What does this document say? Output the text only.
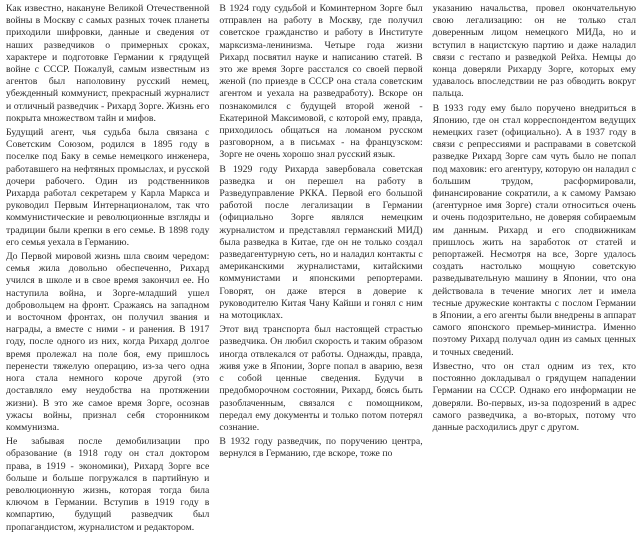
Как известно, накануне Великой Отечественной войны в Москву с самых разных точек планеты приходили шифровки, данные и сведения от наших разведчиков о примерных сроках, характере и подготовке Германии к грядущей войне с СССР. Пожалуй, самым известным из агентов был наполовину русский немец, убежденный коммунист, прекрасный журналист и отличный разведчик - Рихард Зорге. Жизнь его покрыта множеством тайн и мифов.

Будущий агент, чья судьба была связана с Советским Союзом, родился в 1895 году в поселке под Баку в семье немецкого инженера, работавшего на нефтяных промыслах, и русской дочери рабочего. Один из родственников Рихарда работал секретарем у Карла Маркса и руководил Первым Интернационалом, так что коммунистические и революционные взгляды и традиции были крепки в его семье. В 1898 году его семья уехала в Германию.

До Первой мировой жизнь шла своим чередом: семья жила довольно обеспеченно, Рихард учился в школе и в свое время закончил ее. Но наступила война, и Зорге-младший ушел добровольцем на фронт. Сражаясь на западном и восточном фронтах, он получил звания и награды, а вместе с ними - и ранения. В 1917 году, после одного из них, когда Рихард долгое время пролежал на поле боя, ему пришлось перенести тяжелую операцию, из-за чего одна нога стала немного короче другой (это доставляло ему неудобства на протяжении жизни). В это же самое время Зорге, осознав ужасы войны, признал себя сторонником коммунизма.

Не забывая после демобилизации про образование (в 1918 году он стал доктором права, в 1919 - экономики), Рихард Зорге все больше и больше погружался в партийную и революционную жизнь, которая тогда била ключом в Германии. Вступив в 1919 году в компартию, будущий разведчик был пропагандистом, журналистом и редактором.

В 1924 году судьбой и Коминтерном Зорге был отправлен на работу в Москву, где получил советское гражданство и работу в Институте марксизма-ленинизма. Четыре года жизни Рихард посвятил науке и написанию статей. В это же время Зорге расстался со своей первой женой (по приезде в СССР она стала советским агентом и уехала на разведработу). Вскоре он познакомился с будущей второй женой - Екатериной Максимовой, с которой ему, правда, приходилось общаться на ломаном русском разговорном, а в письмах - на французском: Зорге не очень хорошо знал русский язык.

В 1929 году Рихарда завербовала советская разведка и он перешел на работу в Разведуправление РККА. Первой его большой работой после легализации в Германии (официально Зорге являлся немецким журналистом и представлял германский МИД) была разведка в Китае, где он не только создал разведагентурную сеть, но и наладил контакты с американскими журналистами, китайскими коммунистами и японскими репортерами. Говорят, он даже втерся в доверие к руководителю Китая Чану Кайши и гонял с ним на мотоциклах.

Этот вид транспорта был настоящей страстью разведчика. Он любил скорость и таким образом иногда отвлекался от работы. Однажды, правда, живя уже в Японии, Зорге попал в аварию, везя с собой ценные сведения. Будучи в предобморочном состоянии, Рихард, боясь быть разоблаченным, связался с помощником, передал ему документы и только потом потерял сознание.

В 1932 году разведчик, по поручению центра, вернулся в Германию, где вскоре, тоже по

указанию начальства, провел окончательную свою легализацию: он не только стал доверенным лицом немецкого МИДа, но и вступил в нацистскую партию и даже наладил связи с гестапо и разведкой Рейха. Немцы до конца доверяли Рихарду Зорге, которых ему удавалось впоследствии не раз обводить вокруг пальца.

В 1933 году ему было поручено внедриться в Японию, где он стал корреспондентом ведущих немецких газет (официально). А в 1937 году в связи с репрессиями и расправами в советской разведке Рихард Зорге сам чуть было не попал под маховик: его агентуру, которую он наладил с большим трудом, расформировали, финансирование сократили, а к самому Рамзаю (агентурное имя Зорге) стали относиться очень и очень подозрительно, не доверяя собираемым им данным. Рихард и его сподвижникам пришлось жить на заработок от статей и репортажей. Несмотря на все, Зорге удалось создать настолько мощную советскую разведывательную машину в Японии, что она действовала в течение многих лет и имела тесные дружеские контакты с послом Германии в Японии, а его агенты были внедрены в аппарат самого японского премьер-министра. Именно поэтому Рихард получал один из самых ценных и точных сведений.

Известно, что он стал одним из тех, кто постоянно докладывал о грядущем нападении Германии на СССР. Однако его информации не доверяли. Во-первых, из-за подозрений в адрес самого разведчика, а во-вторых, потому что данные расходились друг с другом.
